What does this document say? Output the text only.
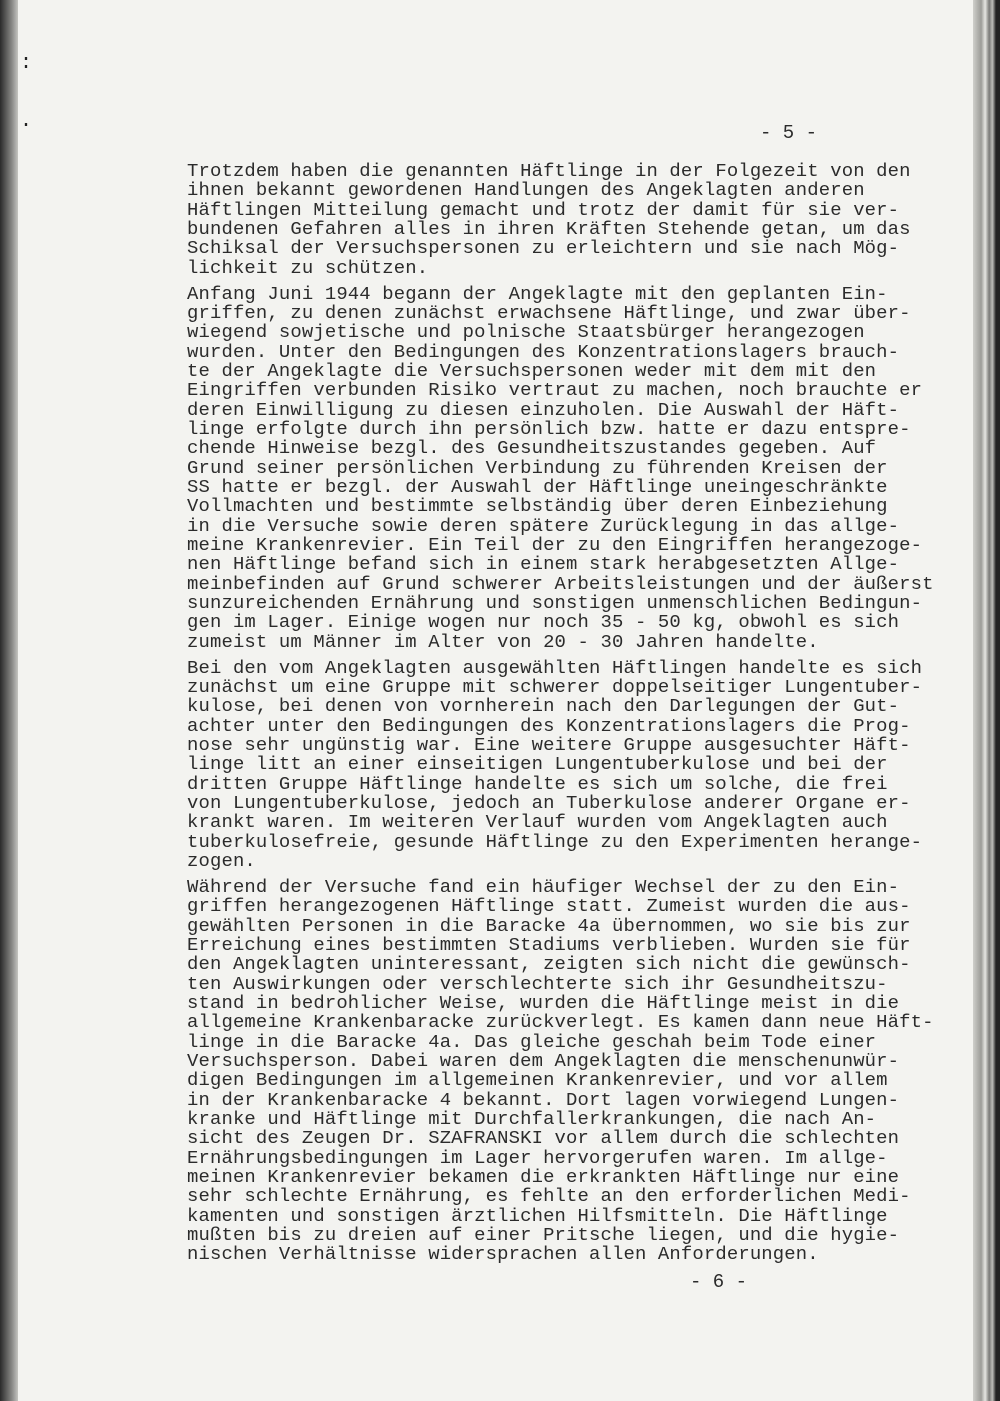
:
.	- 5 -
Trotzdem haben die genannten Häftlinge in der Folgezeit von den
ihnen bekannt gewordenen Handlungen des Angeklagten anderen
Häftlingen Mitteilung gemacht und trotz der damit für sie ver-
bundenen Gefahren alles in ihren Kräften Stehende getan, um das
Schiksal der Versuchspersonen zu erleichtern und sie nach Mög-
lichkeit zu schützen.
Anfang Juni 1944 begann der Angeklagte mit den geplanten Ein-
griffen, zu denen zunächst erwachsene Häftlinge, und zwar über-
wiegend sowjetische und polnische Staatsbürger herangezogen
wurden. Unter den Bedingungen des Konzentrationslagers brauch-
te der Angeklagte die Versuchspersonen weder mit dem mit den
Eingriffen verbunden Risiko vertraut zu machen, noch brauchte er
deren Einwilligung zu diesen einzuholen. Die Auswahl der Häft-
linge erfolgte durch ihn persönlich bzw. hatte er dazu entspre-
chende Hinweise bezgl. des Gesundheitszustandes gegeben. Auf
Grund seiner persönlichen Verbindung zu führenden Kreisen der
SS hatte er bezgl. der Auswahl der Häftlinge uneingeschränkte
Vollmachten und bestimmte selbständig über deren Einbeziehung
in die Versuche sowie deren spätere Zurücklegung in das allge-
meine Krankenrevier. Ein Teil der zu den Eingriffen herangezoge-
nen Häftlinge befand sich in einem stark herabgesetzten Allge-
meinbefinden auf Grund schwerer Arbeitsleistungen und der äußerst
sunzureichenden Ernährung und sonstigen unmenschlichen Bedingun-
gen im Lager. Einige wogen nur noch 35 - 50 kg, obwohl es sich
zumeist um Männer im Alter von 20 - 30 Jahren handelte.
Bei den vom Angeklagten ausgewählten Häftlingen handelte es sich
zunächst um eine Gruppe mit schwerer doppelseitiger Lungentuber-
kulose, bei denen von vornherein nach den Darlegungen der Gut-
achter unter den Bedingungen des Konzentrationslagers die Prog-
nose sehr ungünstig war. Eine weitere Gruppe ausgesuchter Häft-
linge litt an einer einseitigen Lungentuberkulose und bei der
dritten Gruppe Häftlinge handelte es sich um solche, die frei
von Lungentuberkulose, jedoch an Tuberkulose anderer Organe er-
krankt waren. Im weiteren Verlauf wurden vom Angeklagten auch
tuberkulosefreie, gesunde Häftlinge zu den Experimenten herange-
zogen.
Während der Versuche fand ein häufiger Wechsel der zu den Ein-
griffen herangezogenen Häftlinge statt. Zumeist wurden die aus-
gewählten Personen in die Baracke 4a übernommen, wo sie bis zur
Erreichung eines bestimmten Stadiums verblieben. Wurden sie für
den Angeklagten uninteressant, zeigten sich nicht die gewünsch-
ten Auswirkungen oder verschlechterte sich ihr Gesundheitszu-
stand in bedrohlicher Weise, wurden die Häftlinge meist in die
allgemeine Krankenbaracke zurückverlegt. Es kamen dann neue Häft-
linge in die Baracke 4a. Das gleiche geschah beim Tode einer
Versuchsperson. Dabei waren dem Angeklagten die menschenunwür-
digen Bedingungen im allgemeinen Krankenrevier, und vor allem
in der Krankenbaracke 4 bekannt. Dort lagen vorwiegend Lungen-
kranke und Häftlinge mit Durchfallerkrankungen, die nach An-
sicht des Zeugen Dr. SZAFRANSKI vor allem durch die schlechten
Ernährungsbedingungen im Lager hervorgerufen waren. Im allge-
meinen Krankenrevier bekamen die erkrankten Häftlinge nur eine
sehr schlechte Ernährung, es fehlte an den erforderlichen Medi-
kamenten und sonstigen ärztlichen Hilfsmitteln. Die Häftlinge
mußten bis zu dreien auf einer Pritsche liegen, und die hygie-
nischen Verhältnisse widersprachen allen Anforderungen.
- 6 -
